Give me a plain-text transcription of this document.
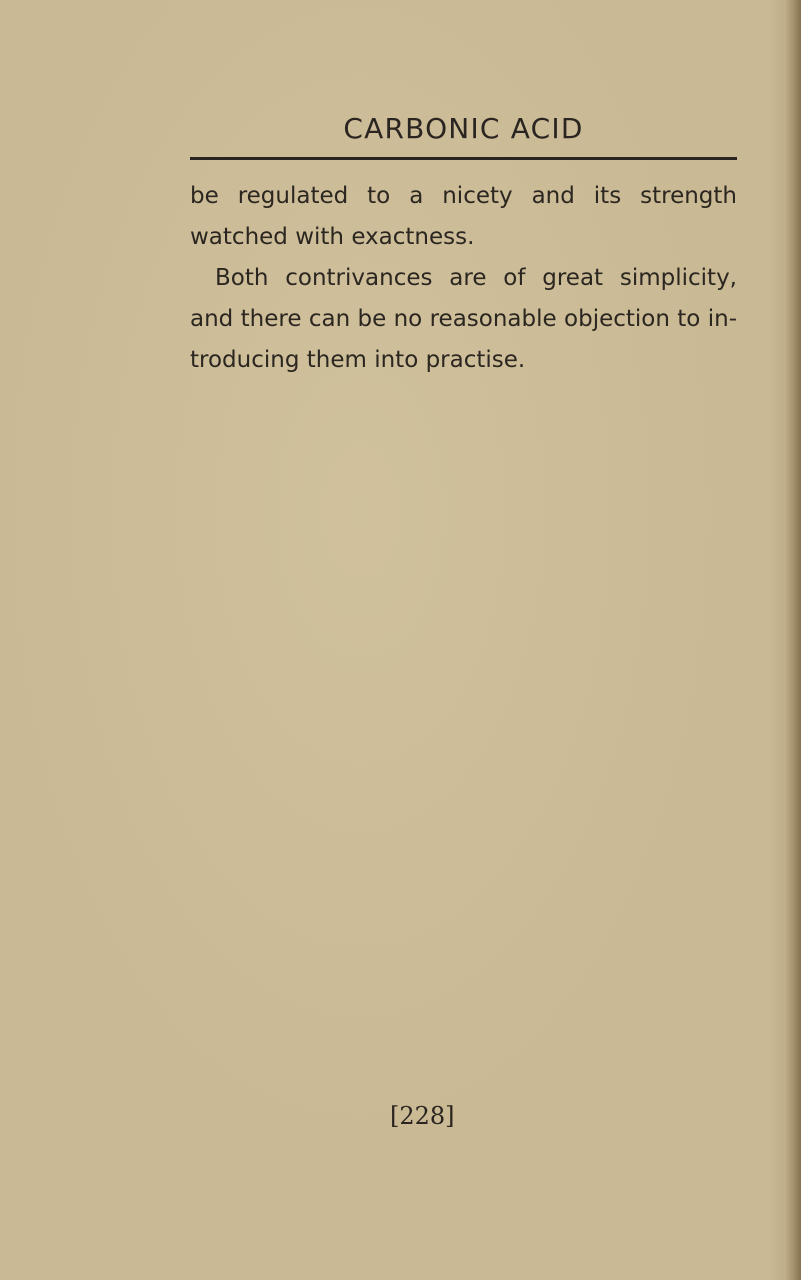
CARBONIC ACID
be regulated to a nicety and its strength
watched with exactness.
Both contrivances are of great simplicity,
and there can be no reasonable objection to in-
troducing them into practise.
[228]
